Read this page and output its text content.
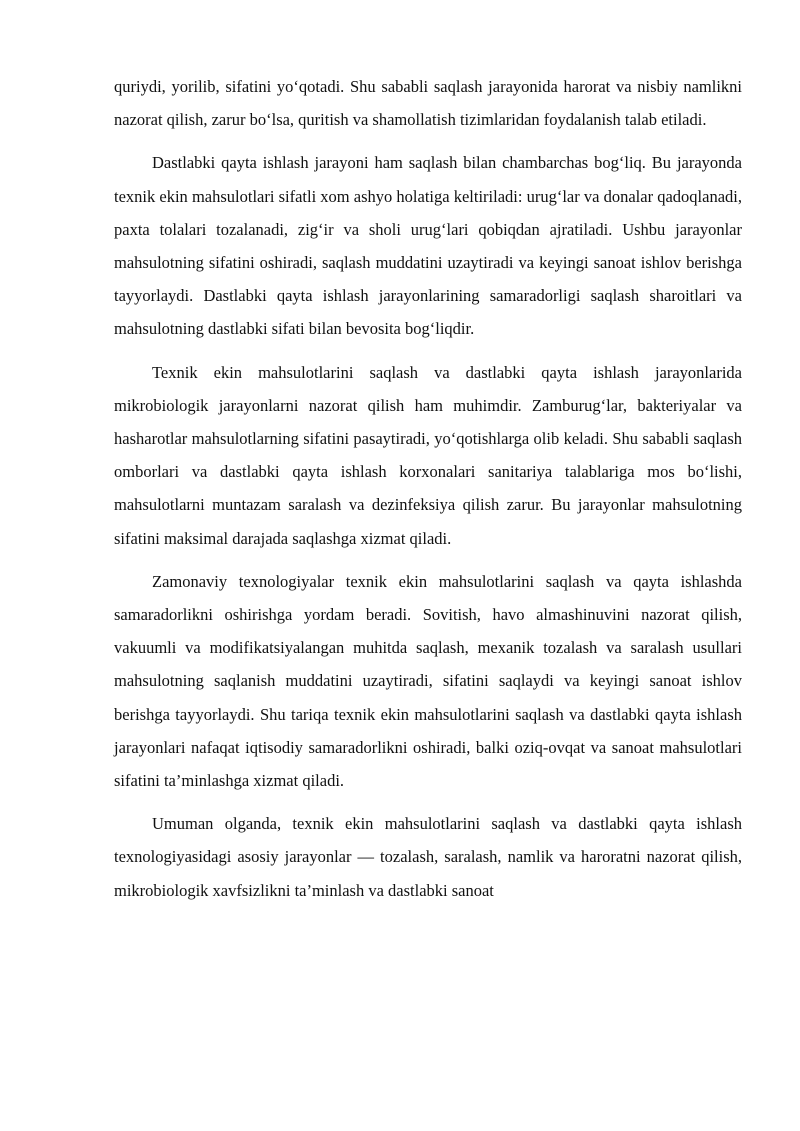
quriydi, yorilib, sifatini yo‘qotadi. Shu sababli saqlash jarayonida harorat va nisbiy namlikni nazorat qilish, zarur bo‘lsa, quritish va shamollatish tizimlaridan foydalanish talab etiladi.

Dastlabki qayta ishlash jarayoni ham saqlash bilan chambarchas bog‘liq. Bu jarayonda texnik ekin mahsulotlari sifatli xom ashyo holatiga keltiriladi: urug‘lar va donalar qadoqlanadi, paxta tolalari tozalanadi, zig‘ir va sholi urug‘lari qobiqdan ajratiladi. Ushbu jarayonlar mahsulotning sifatini oshiradi, saqlash muddatini uzaytiradi va keyingi sanoat ishlov berishga tayyorlaydi. Dastlabki qayta ishlash jarayonlarining samaradorligi saqlash sharoitlari va mahsulotning dastlabki sifati bilan bevosita bog‘liqdir.

Texnik ekin mahsulotlarini saqlash va dastlabki qayta ishlash jarayonlarida mikrobiologik jarayonlarni nazorat qilish ham muhimdir. Zamburug‘lar, bakteriyalar va hasharotlar mahsulotlarning sifatini pasaytiradi, yo‘qotishlarga olib keladi. Shu sababli saqlash omborlari va dastlabki qayta ishlash korxonalari sanitariya talablariga mos bo‘lishi, mahsulotlarni muntazam saralash va dezinfeksiya qilish zarur. Bu jarayonlar mahsulotning sifatini maksimal darajada saqlashga xizmat qiladi.

Zamonaviy texnologiyalar texnik ekin mahsulotlarini saqlash va qayta ishlashda samaradorlikni oshirishga yordam beradi. Sovitish, havo almashinuvini nazorat qilish, vakuumli va modifikatsiyalangan muhitda saqlash, mexanik tozalash va saralash usullari mahsulotning saqlanish muddatini uzaytiradi, sifatini saqlaydi va keyingi sanoat ishlov berishga tayyorlaydi. Shu tariqa texnik ekin mahsulotlarini saqlash va dastlabki qayta ishlash jarayonlari nafaqat iqtisodiy samaradorlikni oshiradi, balki oziq-ovqat va sanoat mahsulotlari sifatini ta’minlashga xizmat qiladi.

Umuman olganda, texnik ekin mahsulotlarini saqlash va dastlabki qayta ishlash texnologiyasidagi asosiy jarayonlar — tozalash, saralash, namlik va haroratni nazorat qilish, mikrobiologik xavfsizlikni ta’minlash va dastlabki sanoat
